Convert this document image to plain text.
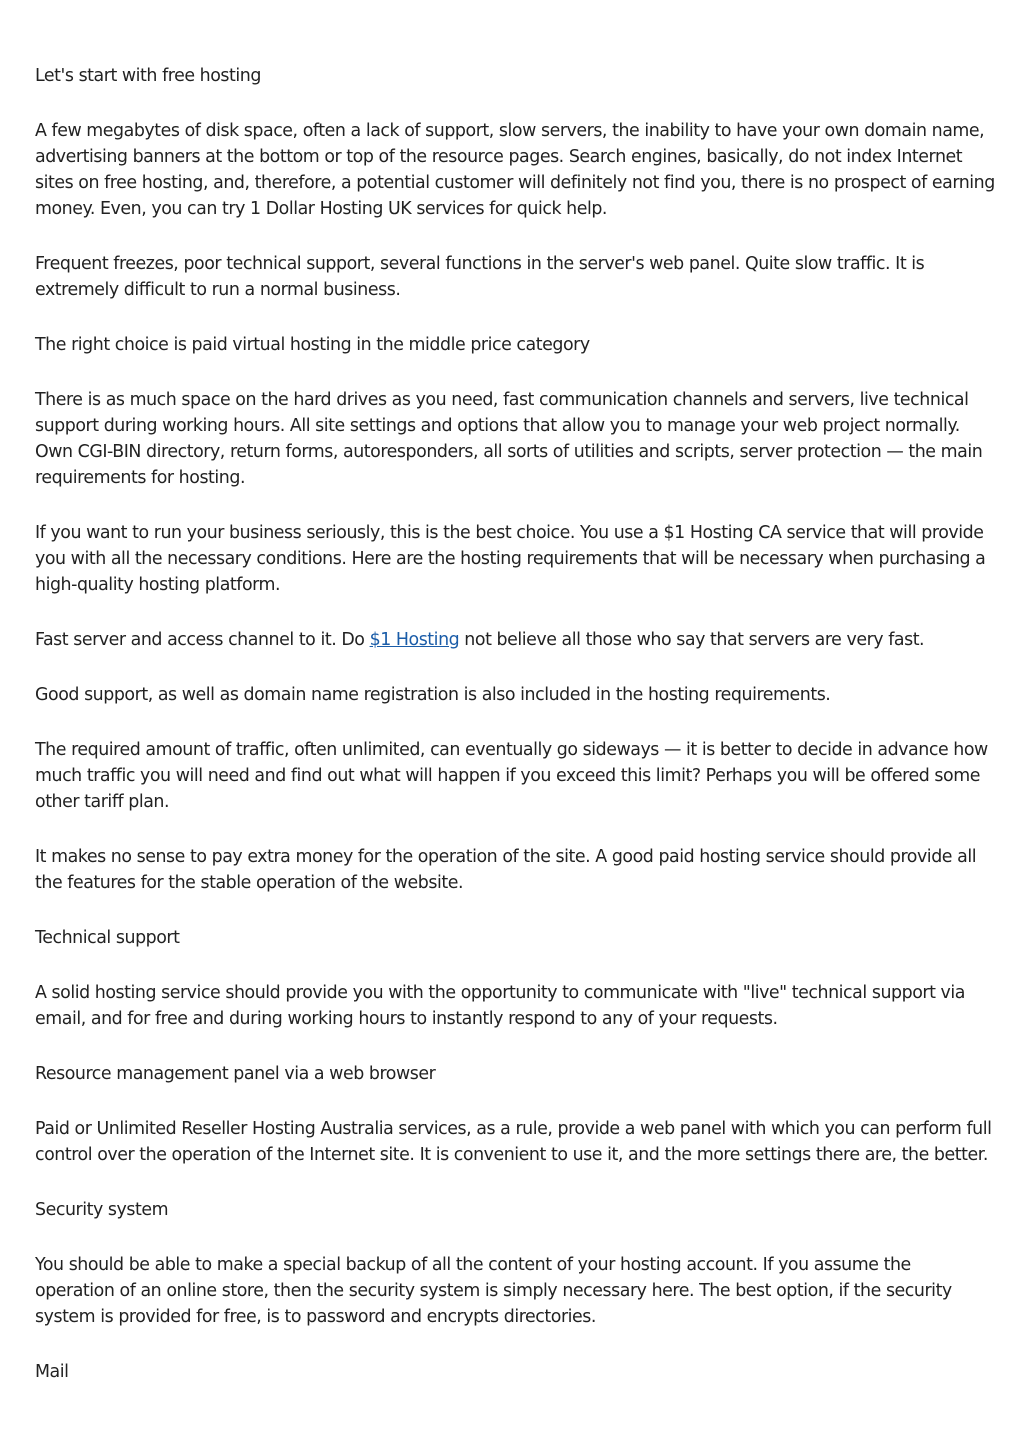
Let's start with free hosting

A few megabytes of disk space, often a lack of support, slow servers, the inability to have your own domain name, advertising banners at the bottom or top of the resource pages. Search engines, basically, do not index Internet sites on free hosting, and, therefore, a potential customer will definitely not find you, there is no prospect of earning money. Even, you can try 1 Dollar Hosting UK services for quick help.

Frequent freezes, poor technical support, several functions in the server's web panel. Quite slow traffic. It is extremely difficult to run a normal business.

The right choice is paid virtual hosting in the middle price category

There is as much space on the hard drives as you need, fast communication channels and servers, live technical support during working hours. All site settings and options that allow you to manage your web project normally. Own CGI-BIN directory, return forms, autoresponders, all sorts of utilities and scripts, server protection — the main requirements for hosting.

If you want to run your business seriously, this is the best choice. You use a $1 Hosting CA service that will provide you with all the necessary conditions. Here are the hosting requirements that will be necessary when purchasing a high-quality hosting platform.

Fast server and access channel to it. Do $1 Hosting not believe all those who say that servers are very fast.

Good support, as well as domain name registration is also included in the hosting requirements.

The required amount of traffic, often unlimited, can eventually go sideways — it is better to decide in advance how much traffic you will need and find out what will happen if you exceed this limit? Perhaps you will be offered some other tariff plan.

It makes no sense to pay extra money for the operation of the site. A good paid hosting service should provide all the features for the stable operation of the website.

Technical support

A solid hosting service should provide you with the opportunity to communicate with "live" technical support via email, and for free and during working hours to instantly respond to any of your requests.

Resource management panel via a web browser

Paid or Unlimited Reseller Hosting Australia services, as a rule, provide a web panel with which you can perform full control over the operation of the Internet site. It is convenient to use it, and the more settings there are, the better.

Security system

You should be able to make a special backup of all the content of your hosting account. If you assume the operation of an online store, then the security system is simply necessary here. The best option, if the security system is provided for free, is to password and encrypts directories.

Mail
